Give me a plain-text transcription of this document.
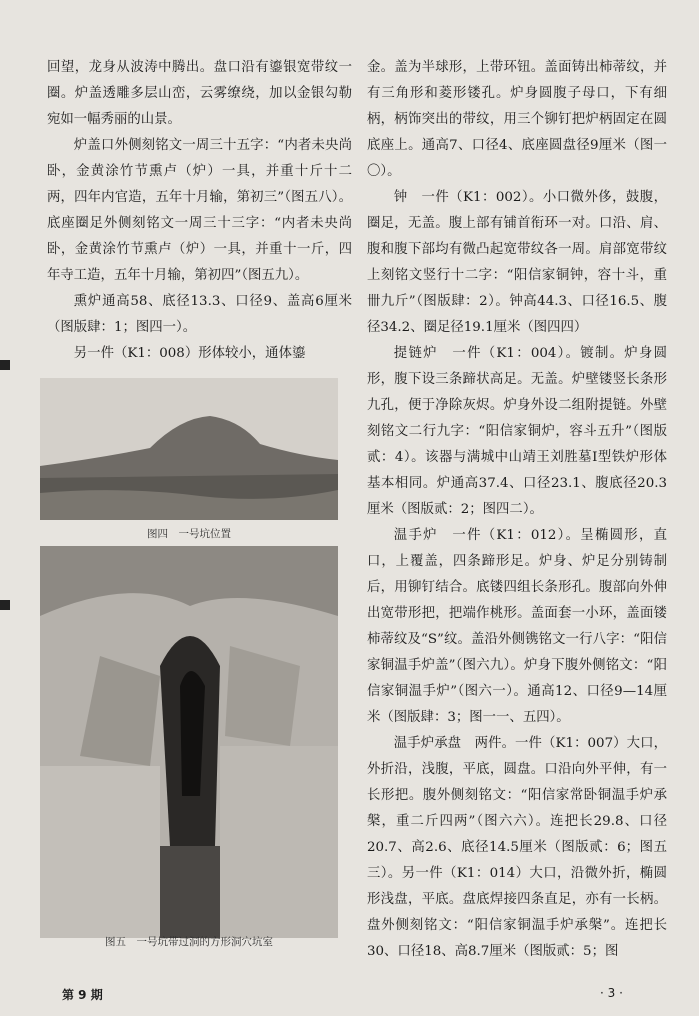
回望，龙身从波涛中腾出。盘口沿有鎏银宽带纹一圈。炉盖透雕多层山峦，云雾缭绕，加以金银勾勒宛如一幅秀丽的山景。

炉盖口外侧刻铭文一周三十五字：“内者未央尚卧，金黄涂竹节熏卢（炉）一具，并重十斤十二两，四年内官造，五年十月输，第初三”（图五八）。底座圈足外侧刻铭文一周三十三字：“内者未央尚卧，金黄涂竹节熏卢（炉）一具，并重十一斤，四年寺工造，五年十月输，第初四”（图五九）。

熏炉通高58、底径13.3、口径9、盖高6厘米（图版肆：1；图四一）。

另一件（K1：008）形体较小，通体鎏

图四　一号坑位置
图五　一号坑带过洞的方形洞穴坑室

金。盖为半球形，上带环钮。盖面铸出柿蒂纹，并有三角形和菱形镂孔。炉身圆腹子母口，下有细柄，柄饰突出的带纹，用三个铆钉把炉柄固定在圆底座上。通高7、口径4、底座圆盘径9厘米（图一〇）。

钟　一件（K1：002）。小口微外侈，鼓腹，圈足，无盖。腹上部有铺首衔环一对。口沿、肩、腹和腹下部均有微凸起宽带纹各一周。肩部宽带纹上刻铭文竖行十二字：“阳信家铜钟，容十斗，重卌九斤”（图版肆：2）。钟高44.3、口径16.5、腹径34.2、圈足径19.1厘米（图四四）

提链炉　一件（K1：004）。镀制。炉身圆形，腹下设三条蹄状高足。无盖。炉壁镂竖长条形九孔，便于净除灰烬。炉身外设二组附提链。外壁刻铭文二行九字：“阳信家铜炉，容斗五升”（图版贰：4）。该器与满城中山靖王刘胜墓Ⅰ型铁炉形体基本相同。炉通高37.4、口径23.1、腹底径20.3厘米（图版贰：2；图四二）。

温手炉　一件（K1：012）。呈椭圆形，直口，上覆盖，四条蹄形足。炉身、炉足分别铸制后，用铆钉结合。底镂四组长条形孔。腹部向外伸出宽带形把，把端作桃形。盖面套一小环，盖面镂柿蒂纹及“S”纹。盖沿外侧镌铭文一行八字：“阳信家铜温手炉盖”（图六九）。炉身下腹外侧铭文：“阳信家铜温手炉”（图六一）。通高12、口径9—14厘米（图版肆：3；图一一、五四）。

温手炉承盘　两件。一件（K1：007）大口，外折沿，浅腹，平底，圆盘。口沿向外平伸，有一长形把。腹外侧刻铭文：“阳信家常卧铜温手炉承槃，重二斤四两”（图六六）。连把长29.8、口径20.7、高2.6、底径14.5厘米（图版贰：6；图五三）。另一件（K1：014）大口，沿微外折，椭圆形浅盘，平底。盘底焊接四条直足，亦有一长柄。盘外侧刻铭文：“阳信家铜温手炉承槃”。连把长30、口径18、高8.7厘米（图版贰：5；图

第 9 期	· 3 ·
